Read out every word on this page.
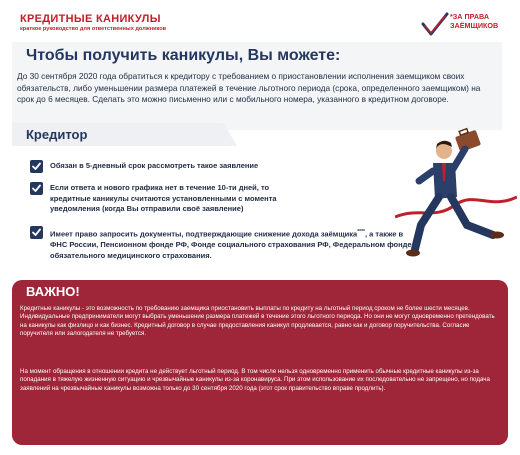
КРЕДИТНЫЕ КАНИКУЛЫ
краткое руководство для ответственных должников
*ЗА ПРАВА
ЗАЁМЩИКОВ
Чтобы получить каникулы, Вы можете:
До 30 сентября 2020 года обратиться к кредитору с требованием о приостановлении исполнения заемщиком своих обязательств, либо уменьшении размера платежей в течение льготного периода (срока, определенного заемщиком) на срок до 6 месяцев. Сделать это можно письменно или с мобильного номера, указанного в кредитном договоре.
Кредитор
Обязан в 5-дневный срок рассмотреть такое заявление
Если ответа и нового графика нет в течение 10-ти дней, то кредитные каникулы считаются установленными с момента уведомления (когда Вы отправили своё заявление)
Имеет право запросить документы, подтверждающие снижение дохода заёмщика****, а также в ФНС России, Пенсионном фонде РФ, Фонде социального страхования РФ, Федеральном фонде обязательного медицинского страхования.
ВАЖНО!
Кредитные каникулы - это возможность по требованию заемщика приостановить выплаты по кредиту на льготный период сроком не более шести месяцев. Индивидуальные предприниматели могут выбрать уменьшение размера платежей в течение этого льготного периода. Но они не могут одновременно претендовать на каникулы как физлицо и как бизнес. Кредитный договор в случае предоставления каникул продлевается, равно как и договор поручительства. Согласие поручителя или залогодателя не требуется.
На момент обращения в отношении кредита не действует льготный период. В том числе нельзя одновременно применить обычные кредитные каникулы из-за попадания в тяжелую жизненную ситуацию и чрезвычайные каникулы из-за коронавируса. При этом использование их последовательно не запрещено, но подача заявлений на чрезвычайные каникулы возможна только до 30 сентября 2020 года (этот срок правительство вправе продлить).
